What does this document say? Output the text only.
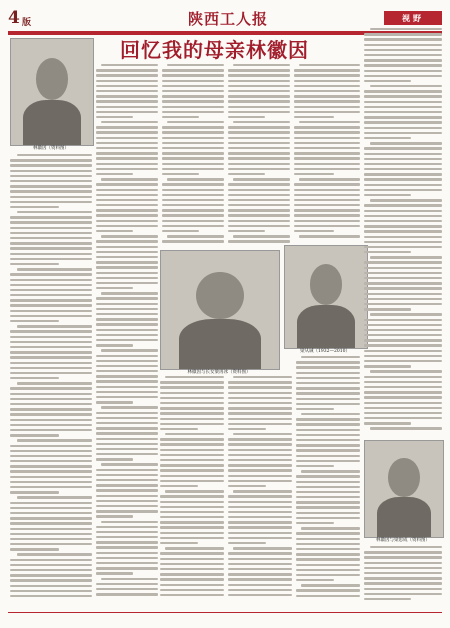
4 版	陕西工人报	视野
回忆我的母亲林徽因
林徽因（资料图）
林徽因与长女梁再冰（资料图）
梁从诫（1932—2010）
林徽因与梁思成（资料图）
